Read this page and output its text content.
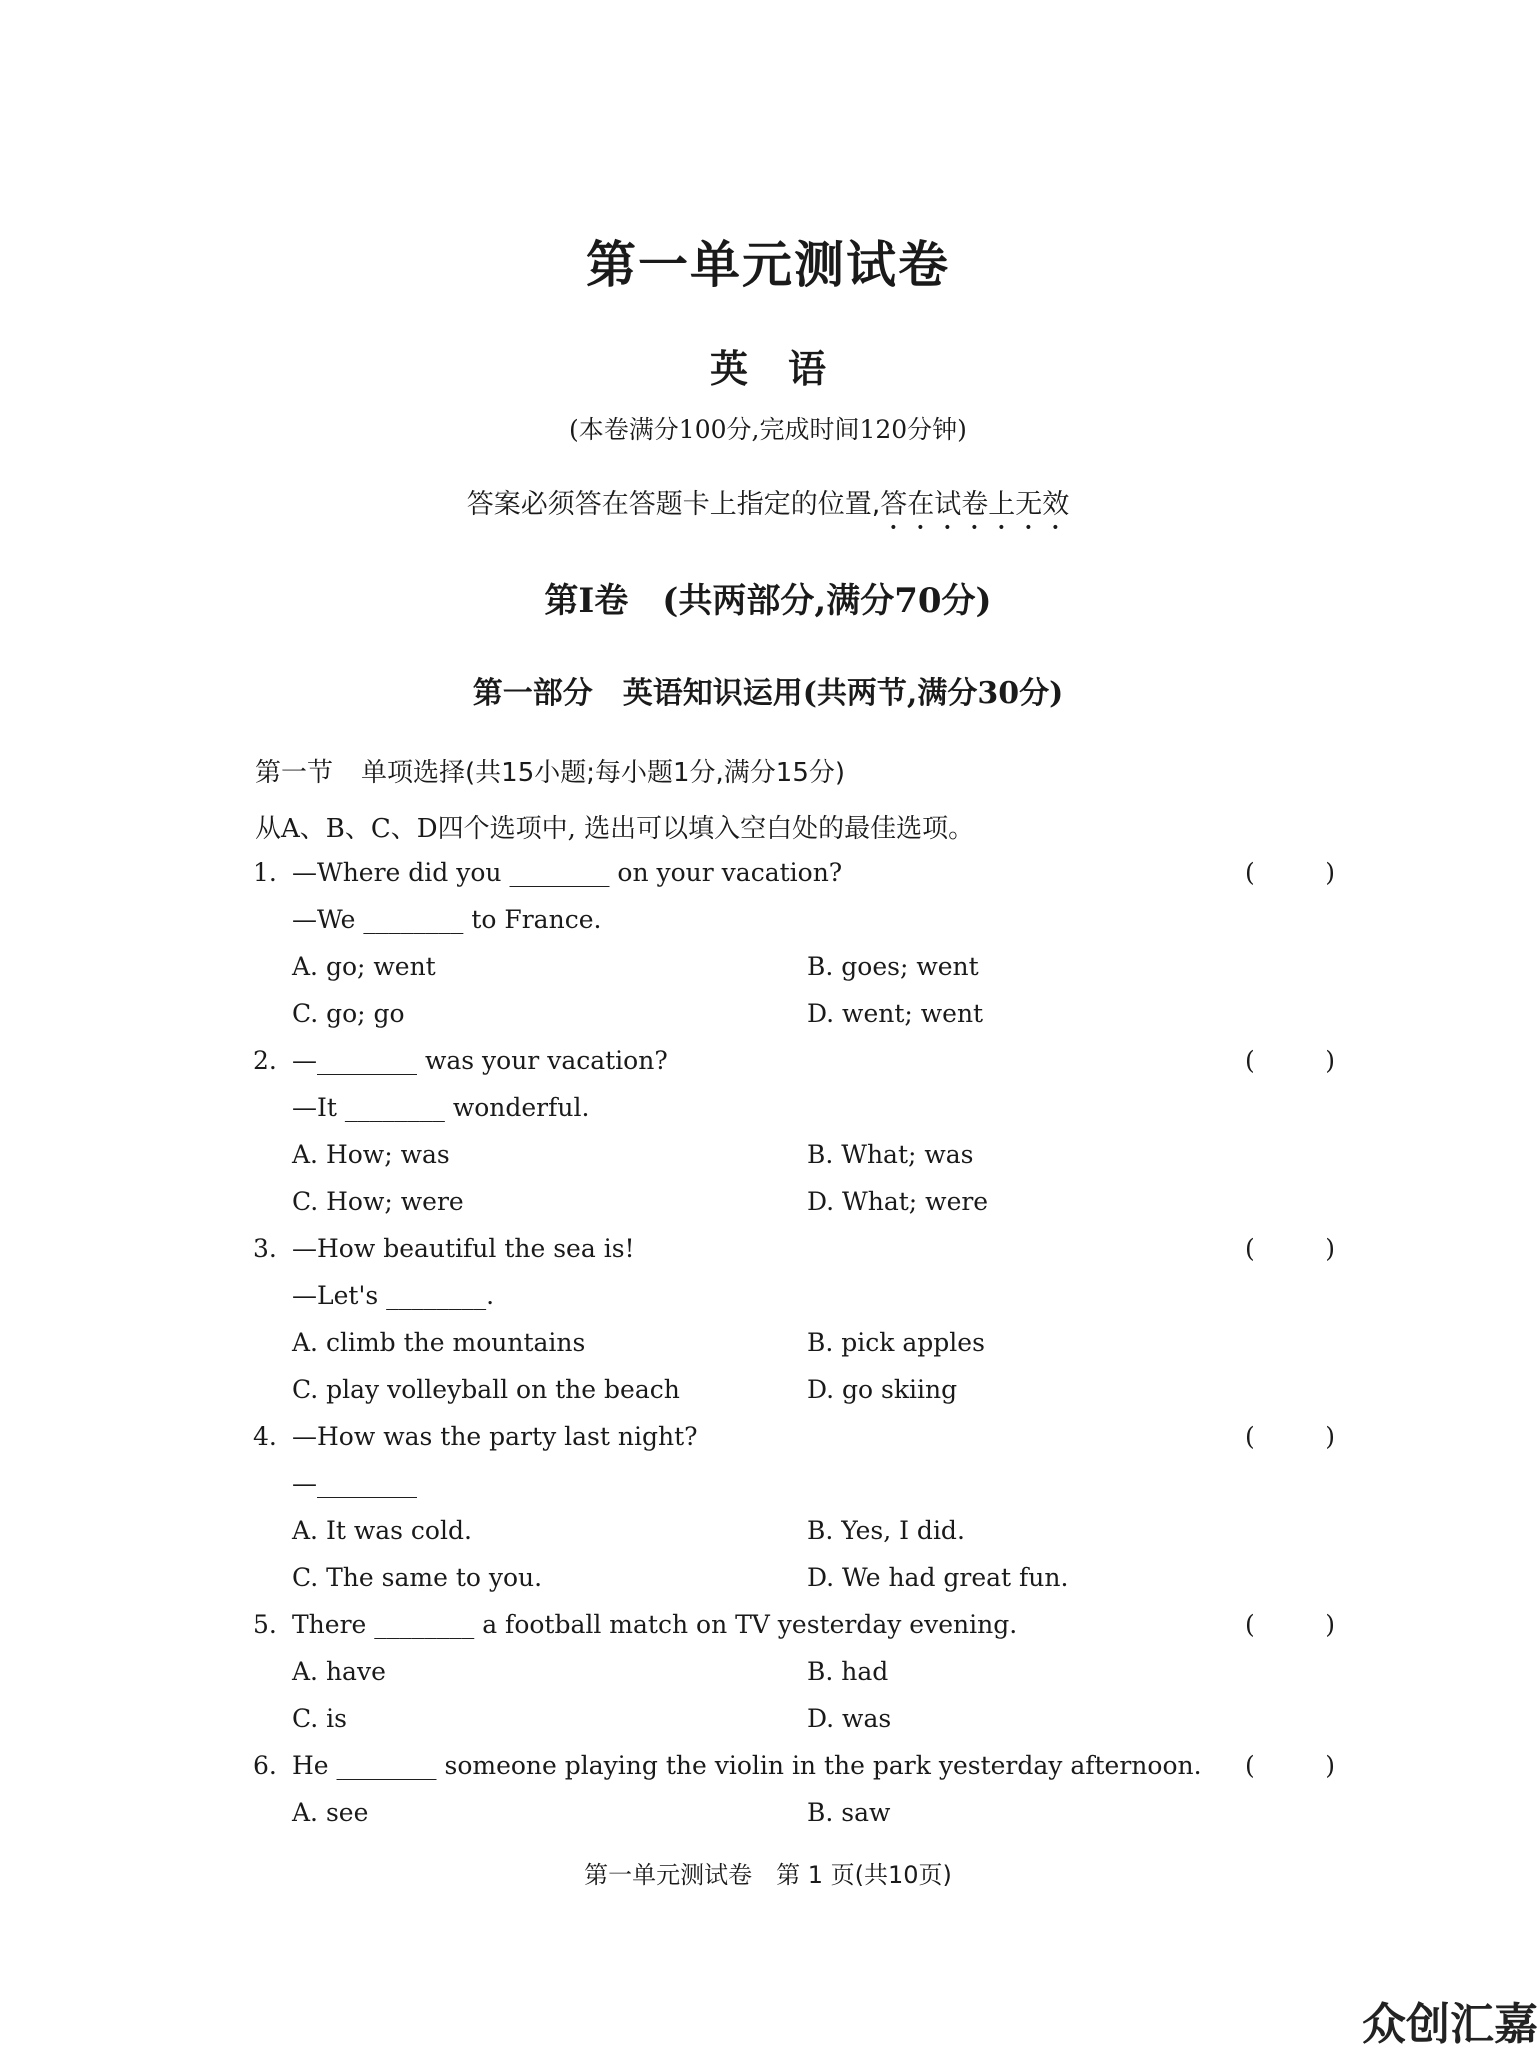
第一单元测试卷
英 语
(本卷满分100分,完成时间120分钟)
答案必须答在答题卡上指定的位置,答在试卷上无效
第Ⅰ卷　(共两部分,满分70分)
第一部分　英语知识运用(共两节,满分30分)
第一节 单项选择(共15小题;每小题1分,满分15分)
从A、B、C、D四个选项中, 选出可以填入空白处的最佳选项。
1. —Where did you ________ on your vacation?	(	)
—We ________ to France.
A. go; went	B. goes; went
C. go; go	D. went; went
2. —________ was your vacation?	(	)
—It ________ wonderful.
A. How; was	B. What; was
C. How; were	D. What; were
3. —How beautiful the sea is!	(	)
—Let's ________.
A. climb the mountains	B. pick apples
C. play volleyball on the beach	D. go skiing
4. —How was the party last night?	(	)
—________
A. It was cold.	B. Yes, I did.
C. The same to you.	D. We had great fun.
5. There ________ a football match on TV yesterday evening.	(	)
A. have	B. had
C. is	D. was
6. He ________ someone playing the violin in the park yesterday afternoon. (	)
A. see	B. saw
第一单元测试卷　第 1 页(共10页)
众创汇嘉
